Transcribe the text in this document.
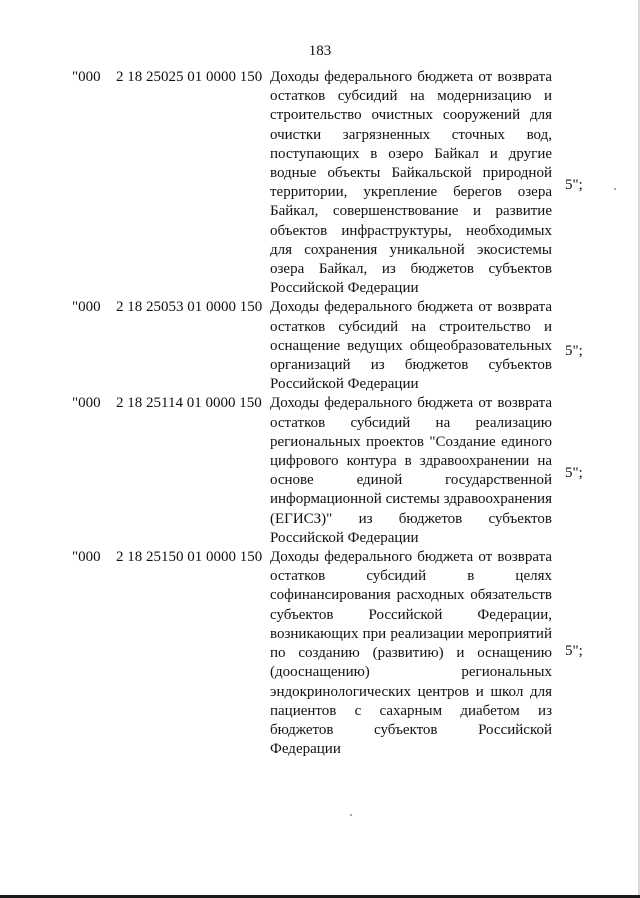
183
"000	2 18 25025 01 0000 150 Доходы федерального бюджета от возврата
остатков субсидий на модернизацию и
строительство очистных сооружений для
очистки загрязненных сточных вод,
поступающих в озеро Байкал и другие
водные объекты Байкальской природной
территории, укрепление берегов озера
Байкал, совершенствование и развитие
объектов инфраструктуры, необходимых
для сохранения уникальной экосистемы
озера Байкал, из бюджетов субъектов
Российской Федерации
5";
"000	2 18 25053 01 0000 150 Доходы федерального бюджета от возврата
остатков субсидий на строительство и
оснащение ведущих общеобразовательных
организаций из бюджетов субъектов
Российской Федерации
5";
"000	2 18 25114 01 0000 150 Доходы федерального бюджета от возврата
остатков субсидий на реализацию
региональных проектов "Создание единого
цифрового контура в здравоохранении на
основе единой государственной
информационной системы здравоохранения
(ЕГИСЗ)" из бюджетов субъектов
Российской Федерации
5";
"000	2 18 25150 01 0000 150 Доходы федерального бюджета от возврата
остатков субсидий в целях
софинансирования расходных обязательств
субъектов Российской Федерации,
возникающих при реализации мероприятий
по созданию (развитию) и оснащению
(дооснащению) региональных
эндокринологических центров и школ для
пациентов с сахарным диабетом из
бюджетов субъектов Российской
Федерации
5";
